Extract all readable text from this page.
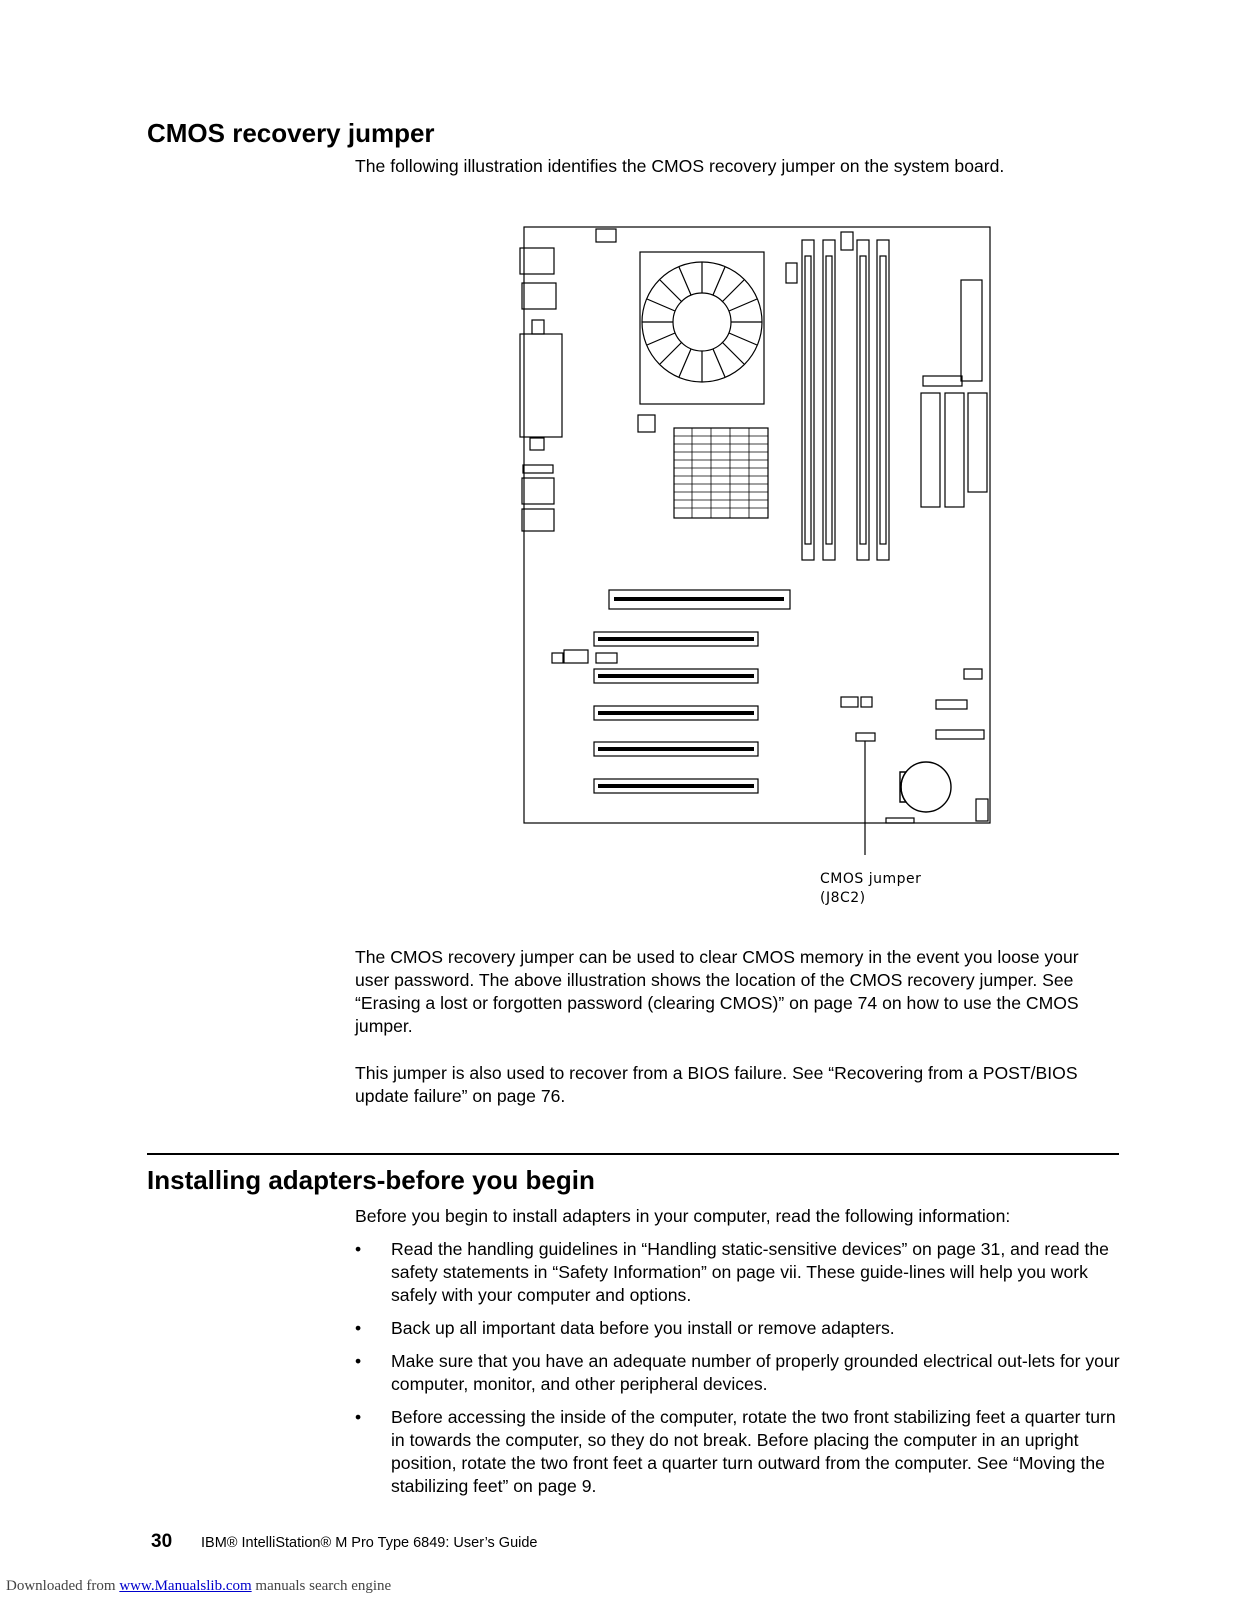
CMOS recovery jumper
The following illustration identifies the CMOS recovery jumper on the system board.
CMOS jumper
(J8C2)
The CMOS recovery jumper can be used to clear CMOS memory in the event you loose your user password. The above illustration shows the location of the CMOS recovery jumper. See “Erasing a lost or forgotten password (clearing CMOS)” on page 74 on how to use the CMOS jumper.
This jumper is also used to recover from a BIOS failure. See “Recovering from a POST/BIOS update failure” on page 76.
Installing adapters-before you begin
Before you begin to install adapters in your computer, read the following information:
• Read the handling guidelines in “Handling static-sensitive devices” on page 31, and read the safety statements in “Safety Information” on page vii. These guide-lines will help you work safely with your computer and options.
• Back up all important data before you install or remove adapters.
• Make sure that you have an adequate number of properly grounded electrical out-lets for your computer, monitor, and other peripheral devices.
• Before accessing the inside of the computer, rotate the two front stabilizing feet a quarter turn in towards the computer, so they do not break. Before placing the computer in an upright position, rotate the two front feet a quarter turn outward from the computer. See “Moving the stabilizing feet” on page 9.
30 IBM® IntelliStation® M Pro Type 6849: User’s Guide
Downloaded from www.Manualslib.com manuals search engine
